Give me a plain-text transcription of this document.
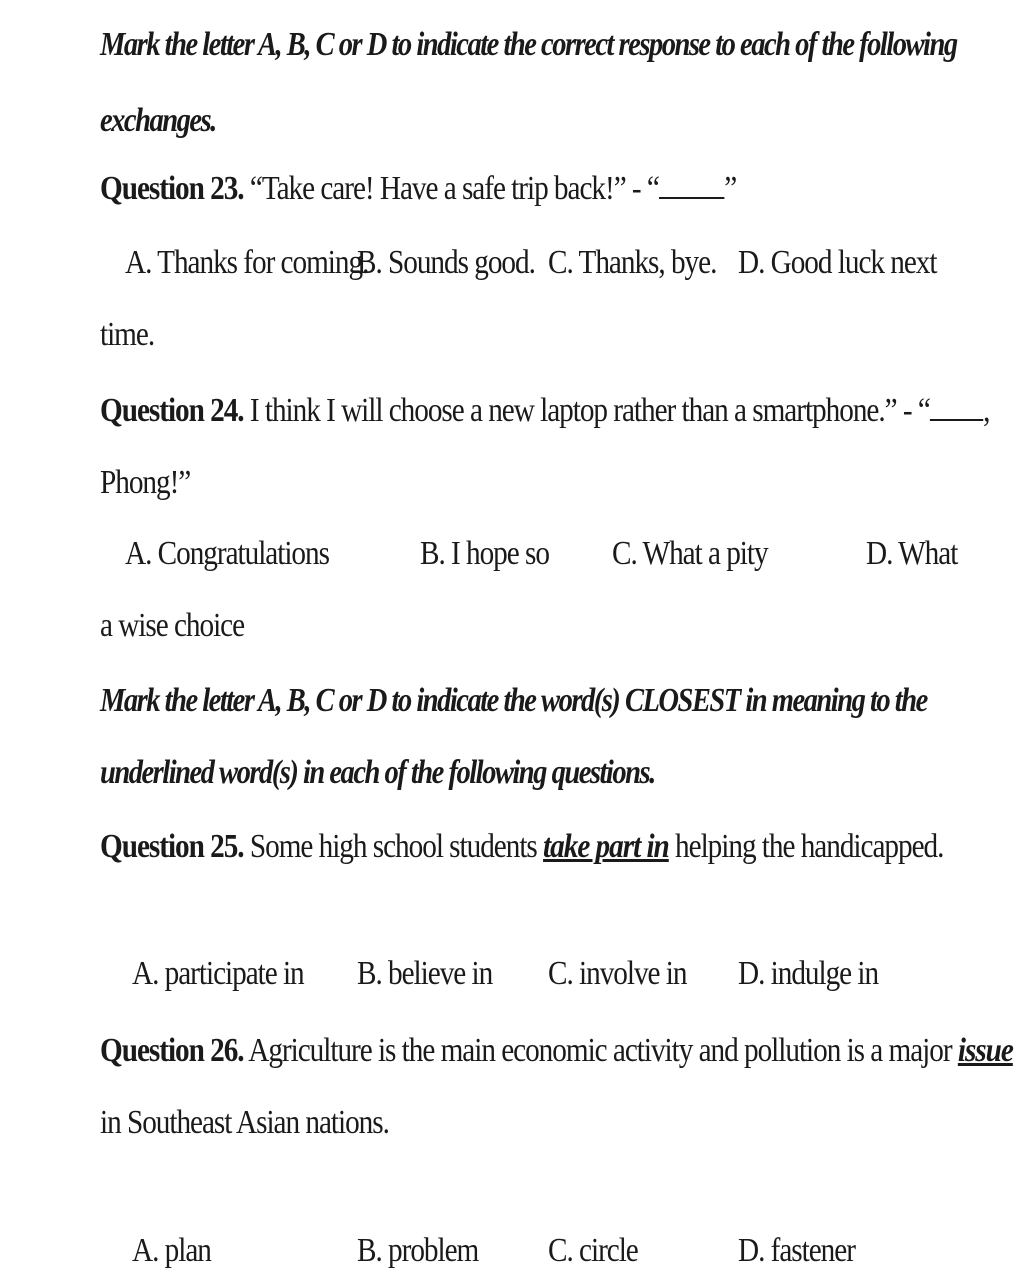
Mark the letter A, B, C or D to indicate the correct response to each of the following
exchanges.
Question 23. “Take care! Have a safe trip back!” - “ ”
A. Thanks for coming.
B. Sounds good. C. Thanks, bye. D. Good luck next
time.
Question 24. I think I will choose a new laptop rather than a smartphone.” - “ ,
Phong!”
A. Congratulations	B. I hope so C. What a pity	D. What
a wise choice
Mark the letter A, B, C or D to indicate the word(s) CLOSEST in meaning to the
underlined word(s) in each of the following questions.
Question 25. Some high school students take part in helping the handicapped.
A. participate in B. believe in C. involve in D. indulge in
Question 26. Agriculture is the main economic activity and pollution is a major issue
in Southeast Asian nations.
A. plan	B. problem C. circle	D. fastener
